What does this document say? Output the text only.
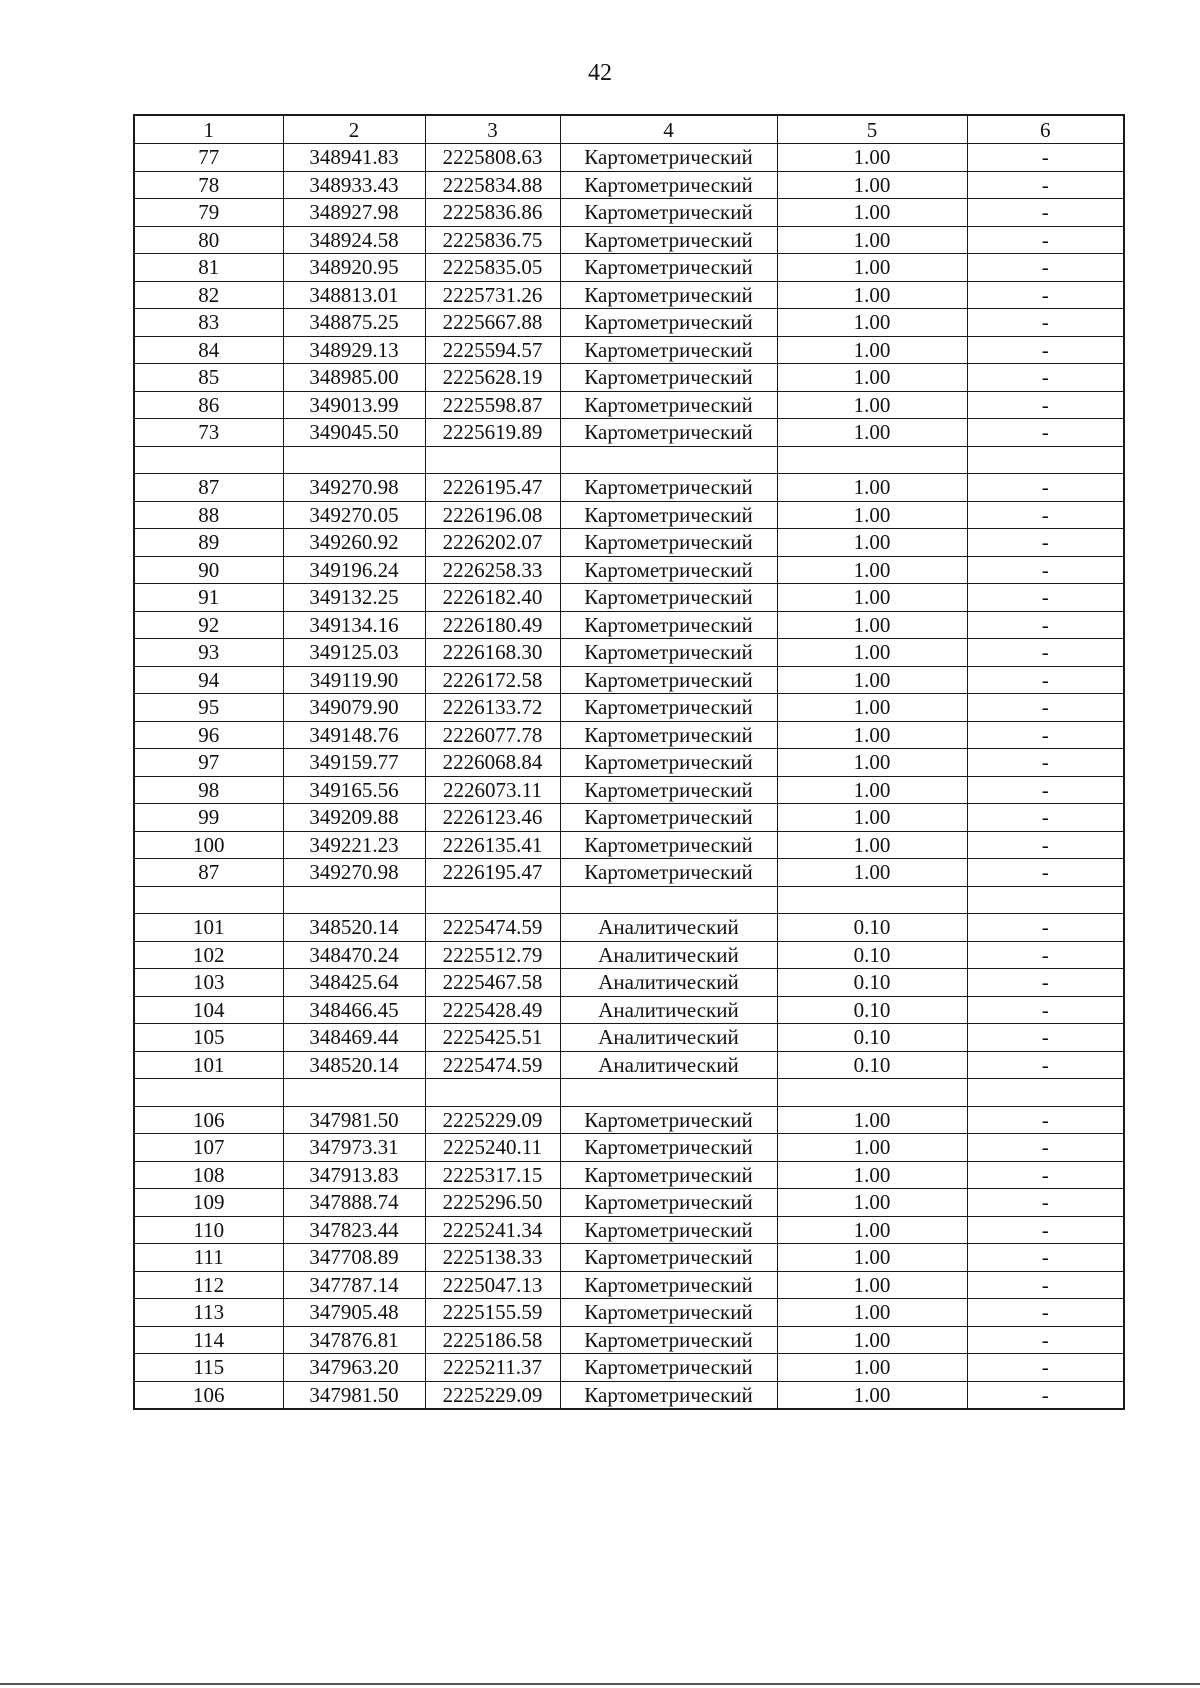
42
1	2	3	4	5	6
77	348941.83	2225808.63	Картометрический	1.00	-
78	348933.43	2225834.88	Картометрический	1.00	-
79	348927.98	2225836.86	Картометрический	1.00	-
80	348924.58	2225836.75	Картометрический	1.00	-
81	348920.95	2225835.05	Картометрический	1.00	-
82	348813.01	2225731.26	Картометрический	1.00	-
83	348875.25	2225667.88	Картометрический	1.00	-
84	348929.13	2225594.57	Картометрический	1.00	-
85	348985.00	2225628.19	Картометрический	1.00	-
86	349013.99	2225598.87	Картометрический	1.00	-
73	349045.50	2225619.89	Картометрический	1.00	-

87	349270.98	2226195.47	Картометрический	1.00	-
88	349270.05	2226196.08	Картометрический	1.00	-
89	349260.92	2226202.07	Картометрический	1.00	-
90	349196.24	2226258.33	Картометрический	1.00	-
91	349132.25	2226182.40	Картометрический	1.00	-
92	349134.16	2226180.49	Картометрический	1.00	-
93	349125.03	2226168.30	Картометрический	1.00	-
94	349119.90	2226172.58	Картометрический	1.00	-
95	349079.90	2226133.72	Картометрический	1.00	-
96	349148.76	2226077.78	Картометрический	1.00	-
97	349159.77	2226068.84	Картометрический	1.00	-
98	349165.56	2226073.11	Картометрический	1.00	-
99	349209.88	2226123.46	Картометрический	1.00	-
100	349221.23	2226135.41	Картометрический	1.00	-
87	349270.98	2226195.47	Картометрический	1.00	-

101	348520.14	2225474.59	Аналитический	0.10	-
102	348470.24	2225512.79	Аналитический	0.10	-
103	348425.64	2225467.58	Аналитический	0.10	-
104	348466.45	2225428.49	Аналитический	0.10	-
105	348469.44	2225425.51	Аналитический	0.10	-
101	348520.14	2225474.59	Аналитический	0.10	-

106	347981.50	2225229.09	Картометрический	1.00	-
107	347973.31	2225240.11	Картометрический	1.00	-
108	347913.83	2225317.15	Картометрический	1.00	-
109	347888.74	2225296.50	Картометрический	1.00	-
110	347823.44	2225241.34	Картометрический	1.00	-
111	347708.89	2225138.33	Картометрический	1.00	-
112	347787.14	2225047.13	Картометрический	1.00	-
113	347905.48	2225155.59	Картометрический	1.00	-
114	347876.81	2225186.58	Картометрический	1.00	-
115	347963.20	2225211.37	Картометрический	1.00	-
106	347981.50	2225229.09	Картометрический	1.00	-
